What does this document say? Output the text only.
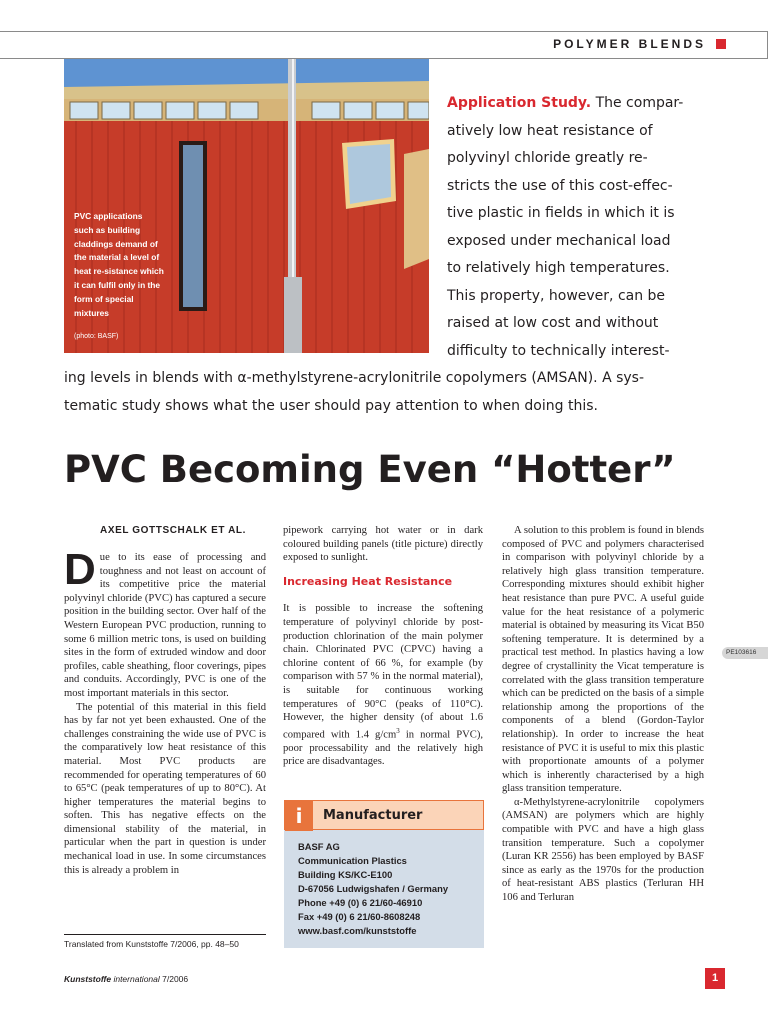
POLYMER BLENDS
PVC applications such as building claddings demand of the material a level of heat re-sistance which it can fulfil only in the form of special mixtures
(photo: BASF)
Application Study. The compar-
atively low heat resistance of
polyvinyl chloride greatly re-
stricts the use of this cost-effec-
tive plastic in fields in which it is
exposed under mechanical load
to relatively high temperatures.
This property, however, can be
raised at low cost and without
difficulty to technically interest-
ing levels in blends with α-methylstyrene-acrylonitrile copolymers (AMSAN). A sys-
tematic study shows what the user should pay attention to when doing this.
PVC Becoming Even “Hotter”
AXEL GOTTSCHALK ET AL.

Due to its ease of processing and toughness and not least on account of its competitive price the material polyvinyl chloride (PVC) has captured a secure position in the building sector. Over half of the Western European PVC production, running to some 6 million metric tons, is used on building sites in the form of extruded window and door profiles, cable sheathing, floor coverings, pipes and conduits. Accordingly, PVC is one of the most important materials in this sector.

The potential of this material in this field has by far not yet been exhausted. One of the challenges constraining the wide use of PVC is the comparatively low heat resistance of this material. Most PVC products are recommended for operating temperatures of 60 to 65°C (peak temperatures of up to 80°C). At higher temperatures the material begins to soften. This has negative effects on the dimensional stability of the material, in particular when the part in question is under mechanical load in use. In some circumstances this is already a problem in

pipework carrying hot water or in dark coloured building panels (title picture) directly exposed to sunlight.

Increasing Heat Resistance

It is possible to increase the softening temperature of polyvinyl chloride by post-production chlorination of the main polymer chain. Chlorinated PVC (CPVC) having a chlorine content of 66 %, for example (by comparison with 57 % in the normal material), is suitable for continuous working temperatures of 90°C (peaks of 110°C). However, the higher density (of about 1.6 compared with 1.4 $g/cm^3$ in normal PVC), poor processability and the relatively high price are disadvantages.

i	Manufacturer
BASF AG
Communication Plastics
Building KS/KC-E100
D-67056 Ludwigshafen / Germany
Phone +49 (0) 6 21/60-46910
Fax +49 (0) 6 21/60-8608248
www.basf.com/kunststoffe

A solution to this problem is found in blends composed of PVC and polymers characterised in comparison with polyvinyl chloride by a relatively high glass transition temperature. Corresponding mixtures should exhibit higher heat resistance than pure PVC. A useful guide value for the heat resistance of a polymeric material is obtained by measuring its Vicat B50 softening temperature. It is determined by a practical test method. In plastics having a low degree of crystallinity the Vicat temperature is correlated with the glass transition temperature which can be predicted on the basis of a simple relationship among the proportions of the components of a blend (Gordon-Taylor relationship). In order to increase the heat resistance of PVC it is useful to mix this plastic with proportionate amounts of a polymer which is inherently characterised by a high glass transition temperature.

α-Methylstyrene-acrylonitrile copolymers (AMSAN) are polymers which are highly compatible with PVC and have a high glass transition temperature. Such a copolymer (Luran KR 2556) has been employed by BASF since as early as the 1970s for the production of heat-resistant ABS plastics (Terluran HH 106 and Terluran

PE103616
Translated from Kunststoffe 7/2006, pp. 48–50
Kunststoffe international 7/2006	1
